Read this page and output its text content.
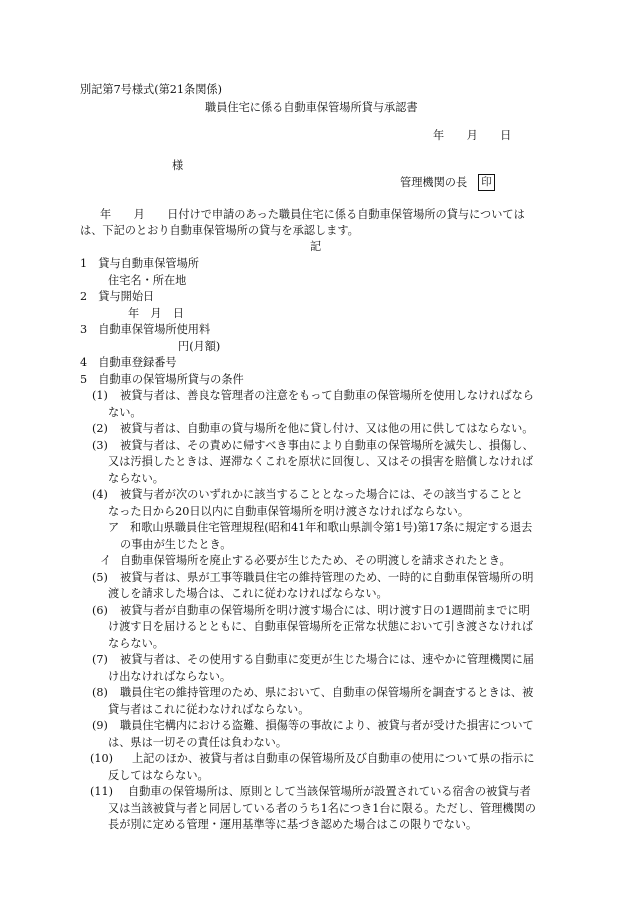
別記第7号様式(第21条関係)
職員住宅に係る自動車保管場所貸与承認書
年　　月　　日
様
管理機関の長	印
年　　月　　日付けで申請のあった職員住宅に係る自動車保管場所の貸与については
は、下記のとおり自動車保管場所の貸与を承認します。
記
1　貸与自動車保管場所
住宅名・所在地
2　貸与開始日
年　月　日
3　自動車保管場所使用料
円(月額)
4　自動車登録番号
5　自動車の保管場所貸与の条件
(1) 被貸与者は、善良な管理者の注意をもって自動車の保管場所を使用しなければなら
ない。
(2) 被貸与者は、自動車の貸与場所を他に貸し付け、又は他の用に供してはならない。
(3) 被貸与者は、その責めに帰すべき事由により自動車の保管場所を滅失し、損傷し、
又は汚損したときは、遅滞なくこれを原状に回復し、又はその損害を賠償しなければ
ならない。
(4) 被貸与者が次のいずれかに該当することとなった場合には、その該当することと
なった日から20日以内に自動車保管場所を明け渡さなければならない。
ア 和歌山県職員住宅管理規程(昭和41年和歌山県訓令第1号)第17条に規定する退去
の事由が生じたとき。
イ 自動車保管場所を廃止する必要が生じたため、その明渡しを請求されたとき。
(5) 被貸与者は、県が工事等職員住宅の維持管理のため、一時的に自動車保管場所の明
渡しを請求した場合は、これに従わなければならない。
(6) 被貸与者が自動車の保管場所を明け渡す場合には、明け渡す日の1週間前までに明
け渡す日を届けるとともに、自動車保管場所を正常な状態において引き渡さなければ
ならない。
(7) 被貸与者は、その使用する自動車に変更が生じた場合には、速やかに管理機関に届
け出なければならない。
(8) 職員住宅の維持管理のため、県において、自動車の保管場所を調査するときは、被
貸与者はこれに従わなければならない。
(9) 職員住宅構内における盗難、損傷等の事故により、被貸与者が受けた損害について
は、県は一切その責任は負わない。
(10) 上記のほか、被貸与者は自動車の保管場所及び自動車の使用について県の指示に
反してはならない。
(11) 自動車の保管場所は、原則として当該保管場所が設置されている宿舎の被貸与者
又は当該被貸与者と同居している者のうち1名につき1台に限る。ただし、管理機関の
長が別に定める管理・運用基準等に基づき認めた場合はこの限りでない。
